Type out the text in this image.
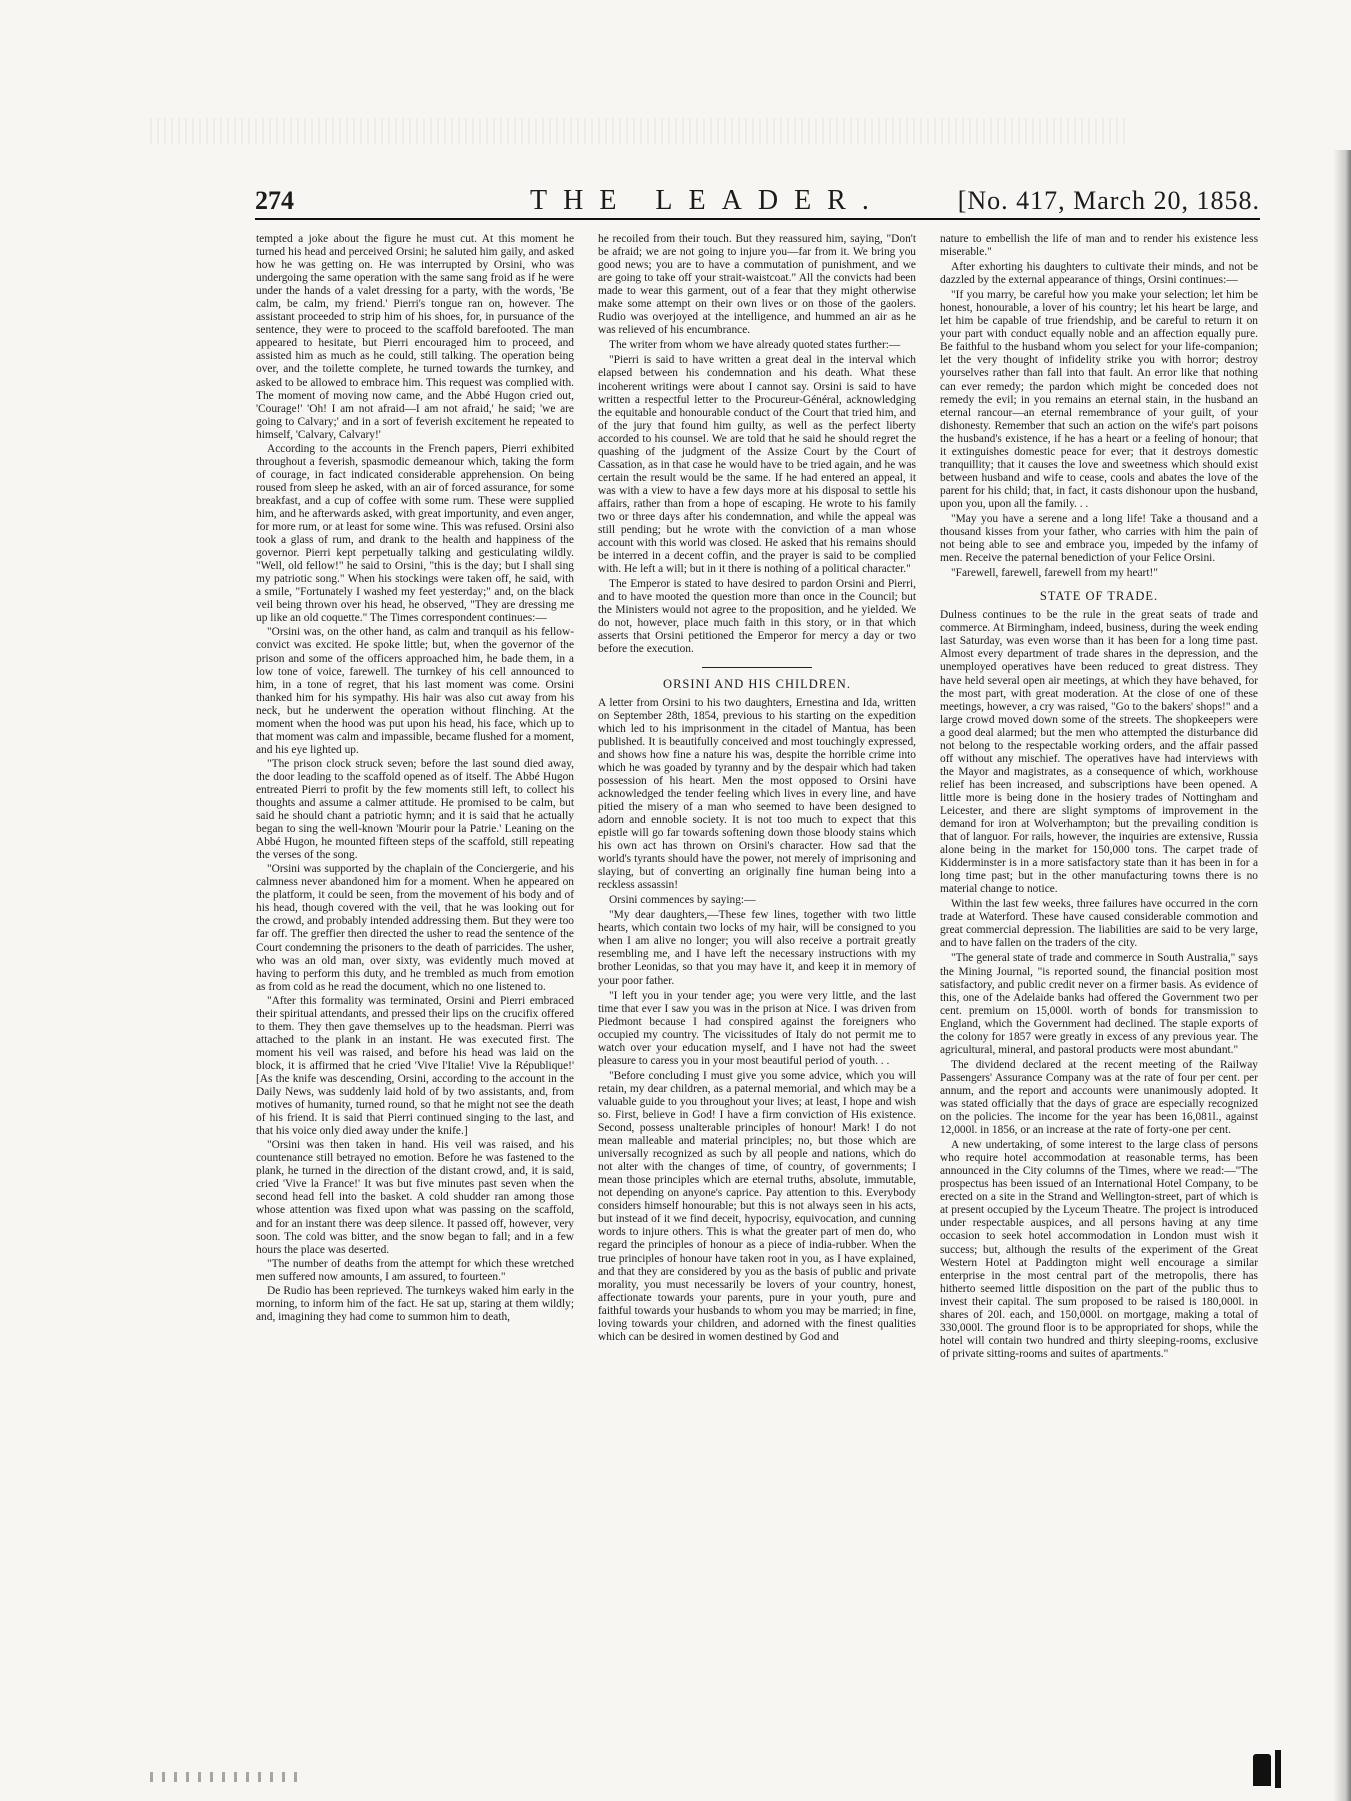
274	THE LEADER.	[No. 417, March 20, 1858.

tempted a joke about the figure he must cut. At this moment he turned his head and perceived Orsini; he saluted him gaily, and asked how he was getting on. He was interrupted by Orsini, who was undergoing the same operation with the same sang froid as if he were under the hands of a valet dressing for a party, with the words, 'Be calm, be calm, my friend.' Pierri's tongue ran on, however. The assistant proceeded to strip him of his shoes, for, in pursuance of the sentence, they were to proceed to the scaffold barefooted. The man appeared to hesitate, but Pierri encouraged him to proceed, and assisted him as much as he could, still talking. The operation being over, and the toilette complete, he turned towards the turnkey, and asked to be allowed to embrace him. This request was complied with. The moment of moving now came, and the Abbé Hugon cried out, 'Courage!' 'Oh! I am not afraid—I am not afraid,' he said; 'we are going to Calvary;' and in a sort of feverish excitement he repeated to himself, 'Calvary, Calvary!'

According to the accounts in the French papers, Pierri exhibited throughout a feverish, spasmodic demeanour which, taking the form of courage, in fact indicated considerable apprehension. On being roused from sleep he asked, with an air of forced assurance, for some breakfast, and a cup of coffee with some rum. These were supplied him, and he afterwards asked, with great importunity, and even anger, for more rum, or at least for some wine. This was refused. Orsini also took a glass of rum, and drank to the health and happiness of the governor. Pierri kept perpetually talking and gesticulating wildly. "Well, old fellow!" he said to Orsini, "this is the day; but I shall sing my patriotic song." When his stockings were taken off, he said, with a smile, "Fortunately I washed my feet yesterday;" and, on the black veil being thrown over his head, he observed, "They are dressing me up like an old coquette." The Times correspondent continues:—

"Orsini was, on the other hand, as calm and tranquil as his fellow-convict was excited. He spoke little; but, when the governor of the prison and some of the officers approached him, he bade them, in a low tone of voice, farewell. The turnkey of his cell announced to him, in a tone of regret, that his last moment was come. Orsini thanked him for his sympathy. His hair was also cut away from his neck, but he underwent the operation without flinching. At the moment when the hood was put upon his head, his face, which up to that moment was calm and impassible, became flushed for a moment, and his eye lighted up.

"The prison clock struck seven; before the last sound died away, the door leading to the scaffold opened as of itself. The Abbé Hugon entreated Pierri to profit by the few moments still left, to collect his thoughts and assume a calmer attitude. He promised to be calm, but said he should chant a patriotic hymn; and it is said that he actually began to sing the well-known 'Mourir pour la Patrie.' Leaning on the Abbé Hugon, he mounted fifteen steps of the scaffold, still repeating the verses of the song.

"Orsini was supported by the chaplain of the Conciergerie, and his calmness never abandoned him for a moment. When he appeared on the platform, it could be seen, from the movement of his body and of his head, though covered with the veil, that he was looking out for the crowd, and probably intended addressing them. But they were too far off. The greffier then directed the usher to read the sentence of the Court condemning the prisoners to the death of parricides. The usher, who was an old man, over sixty, was evidently much moved at having to perform this duty, and he trembled as much from emotion as from cold as he read the document, which no one listened to.

"After this formality was terminated, Orsini and Pierri embraced their spiritual attendants, and pressed their lips on the crucifix offered to them. They then gave themselves up to the headsman. Pierri was attached to the plank in an instant. He was executed first. The moment his veil was raised, and before his head was laid on the block, it is affirmed that he cried 'Vive l'Italie! Vive la République!' [As the knife was descending, Orsini, according to the account in the Daily News, was suddenly laid hold of by two assistants, and, from motives of humanity, turned round, so that he might not see the death of his friend. It is said that Pierri continued singing to the last, and that his voice only died away under the knife.]

"Orsini was then taken in hand. His veil was raised, and his countenance still betrayed no emotion. Before he was fastened to the plank, he turned in the direction of the distant crowd, and, it is said, cried 'Vive la France!' It was but five minutes past seven when the second head fell into the basket. A cold shudder ran among those whose attention was fixed upon what was passing on the scaffold, and for an instant there was deep silence. It passed off, however, very soon. The cold was bitter, and the snow began to fall; and in a few hours the place was deserted.

"The number of deaths from the attempt for which these wretched men suffered now amounts, I am assured, to fourteen."

De Rudio has been reprieved. The turnkeys waked him early in the morning, to inform him of the fact. He sat up, staring at them wildly; and, imagining they had come to summon him to death,

he recoiled from their touch. But they reassured him, saying, "Don't be afraid; we are not going to injure you—far from it. We bring you good news; you are to have a commutation of punishment, and we are going to take off your strait-waistcoat." All the convicts had been made to wear this garment, out of a fear that they might otherwise make some attempt on their own lives or on those of the gaolers. Rudio was overjoyed at the intelligence, and hummed an air as he was relieved of his encumbrance.

The writer from whom we have already quoted states further:—

"Pierri is said to have written a great deal in the interval which elapsed between his condemnation and his death. What these incoherent writings were about I cannot say. Orsini is said to have written a respectful letter to the Procureur-Général, acknowledging the equitable and honourable conduct of the Court that tried him, and of the jury that found him guilty, as well as the perfect liberty accorded to his counsel. We are told that he said he should regret the quashing of the judgment of the Assize Court by the Court of Cassation, as in that case he would have to be tried again, and he was certain the result would be the same. If he had entered an appeal, it was with a view to have a few days more at his disposal to settle his affairs, rather than from a hope of escaping. He wrote to his family two or three days after his condemnation, and while the appeal was still pending; but he wrote with the conviction of a man whose account with this world was closed. He asked that his remains should be interred in a decent coffin, and the prayer is said to be complied with. He left a will; but in it there is nothing of a political character."

The Emperor is stated to have desired to pardon Orsini and Pierri, and to have mooted the question more than once in the Council; but the Ministers would not agree to the proposition, and he yielded. We do not, however, place much faith in this story, or in that which asserts that Orsini petitioned the Emperor for mercy a day or two before the execution.

ORSINI AND HIS CHILDREN.

A letter from Orsini to his two daughters, Ernestina and Ida, written on September 28th, 1854, previous to his starting on the expedition which led to his imprisonment in the citadel of Mantua, has been published. It is beautifully conceived and most touchingly expressed, and shows how fine a nature his was, despite the horrible crime into which he was goaded by tyranny and by the despair which had taken possession of his heart. Men the most opposed to Orsini have acknowledged the tender feeling which lives in every line, and have pitied the misery of a man who seemed to have been designed to adorn and ennoble society. It is not too much to expect that this epistle will go far towards softening down those bloody stains which his own act has thrown on Orsini's character. How sad that the world's tyrants should have the power, not merely of imprisoning and slaying, but of converting an originally fine human being into a reckless assassin!

Orsini commences by saying:—

"My dear daughters,—These few lines, together with two little hearts, which contain two locks of my hair, will be consigned to you when I am alive no longer; you will also receive a portrait greatly resembling me, and I have left the necessary instructions with my brother Leonidas, so that you may have it, and keep it in memory of your poor father.

"I left you in your tender age; you were very little, and the last time that ever I saw you was in the prison at Nice. I was driven from Piedmont because I had conspired against the foreigners who occupied my country. The vicissitudes of Italy do not permit me to watch over your education myself, and I have not had the sweet pleasure to caress you in your most beautiful period of youth. . .

"Before concluding I must give you some advice, which you will retain, my dear children, as a paternal memorial, and which may be a valuable guide to you throughout your lives; at least, I hope and wish so. First, believe in God! I have a firm conviction of His existence. Second, possess unalterable principles of honour! Mark! I do not mean malleable and material principles; no, but those which are universally recognized as such by all people and nations, which do not alter with the changes of time, of country, of governments; I mean those principles which are eternal truths, absolute, immutable, not depending on anyone's caprice. Pay attention to this. Everybody considers himself honourable; but this is not always seen in his acts, but instead of it we find deceit, hypocrisy, equivocation, and cunning words to injure others. This is what the greater part of men do, who regard the principles of honour as a piece of india-rubber. When the true principles of honour have taken root in you, as I have explained, and that they are considered by you as the basis of public and private morality, you must necessarily be lovers of your country, honest, affectionate towards your parents, pure in your youth, pure and faithful towards your husbands to whom you may be married; in fine, loving towards your children, and adorned with the finest qualities which can be desired in women destined by God and

nature to embellish the life of man and to render his existence less miserable."

After exhorting his daughters to cultivate their minds, and not be dazzled by the external appearance of things, Orsini continues:—

"If you marry, be careful how you make your selection; let him be honest, honourable, a lover of his country; let his heart be large, and let him be capable of true friendship, and be careful to return it on your part with conduct equally noble and an affection equally pure. Be faithful to the husband whom you select for your life-companion; let the very thought of infidelity strike you with horror; destroy yourselves rather than fall into that fault. An error like that nothing can ever remedy; the pardon which might be conceded does not remedy the evil; in you remains an eternal stain, in the husband an eternal rancour—an eternal remembrance of your guilt, of your dishonesty. Remember that such an action on the wife's part poisons the husband's existence, if he has a heart or a feeling of honour; that it extinguishes domestic peace for ever; that it destroys domestic tranquillity; that it causes the love and sweetness which should exist between husband and wife to cease, cools and abates the love of the parent for his child; that, in fact, it casts dishonour upon the husband, upon you, upon all the family. . .

"May you have a serene and a long life! Take a thousand and a thousand kisses from your father, who carries with him the pain of not being able to see and embrace you, impeded by the infamy of men. Receive the paternal benediction of your Felice Orsini.

"Farewell, farewell, farewell from my heart!"

STATE OF TRADE.

Dulness continues to be the rule in the great seats of trade and commerce. At Birmingham, indeed, business, during the week ending last Saturday, was even worse than it has been for a long time past. Almost every department of trade shares in the depression, and the unemployed operatives have been reduced to great distress. They have held several open air meetings, at which they have behaved, for the most part, with great moderation. At the close of one of these meetings, however, a cry was raised, "Go to the bakers' shops!" and a large crowd moved down some of the streets. The shopkeepers were a good deal alarmed; but the men who attempted the disturbance did not belong to the respectable working orders, and the affair passed off without any mischief. The operatives have had interviews with the Mayor and magistrates, as a consequence of which, workhouse relief has been increased, and subscriptions have been opened. A little more is being done in the hosiery trades of Nottingham and Leicester, and there are slight symptoms of improvement in the demand for iron at Wolverhampton; but the prevailing condition is that of languor. For rails, however, the inquiries are extensive, Russia alone being in the market for 150,000 tons. The carpet trade of Kidderminster is in a more satisfactory state than it has been in for a long time past; but in the other manufacturing towns there is no material change to notice.

Within the last few weeks, three failures have occurred in the corn trade at Waterford. These have caused considerable commotion and great commercial depression. The liabilities are said to be very large, and to have fallen on the traders of the city.

"The general state of trade and commerce in South Australia," says the Mining Journal, "is reported sound, the financial position most satisfactory, and public credit never on a firmer basis. As evidence of this, one of the Adelaide banks had offered the Government two per cent. premium on 15,000l. worth of bonds for transmission to England, which the Government had declined. The staple exports of the colony for 1857 were greatly in excess of any previous year. The agricultural, mineral, and pastoral products were most abundant."

The dividend declared at the recent meeting of the Railway Passengers' Assurance Company was at the rate of four per cent. per annum, and the report and accounts were unanimously adopted. It was stated officially that the days of grace are especially recognized on the policies. The income for the year has been 16,081l., against 12,000l. in 1856, or an increase at the rate of forty-one per cent.

A new undertaking, of some interest to the large class of persons who require hotel accommodation at reasonable terms, has been announced in the City columns of the Times, where we read:—"The prospectus has been issued of an International Hotel Company, to be erected on a site in the Strand and Wellington-street, part of which is at present occupied by the Lyceum Theatre. The project is introduced under respectable auspices, and all persons having at any time occasion to seek hotel accommodation in London must wish it success; but, although the results of the experiment of the Great Western Hotel at Paddington might well encourage a similar enterprise in the most central part of the metropolis, there has hitherto seemed little disposition on the part of the public thus to invest their capital. The sum proposed to be raised is 180,000l. in shares of 20l. each, and 150,000l. on mortgage, making a total of 330,000l. The ground floor is to be appropriated for shops, while the hotel will contain two hundred and thirty sleeping-rooms, exclusive of private sitting-rooms and suites of apartments."
